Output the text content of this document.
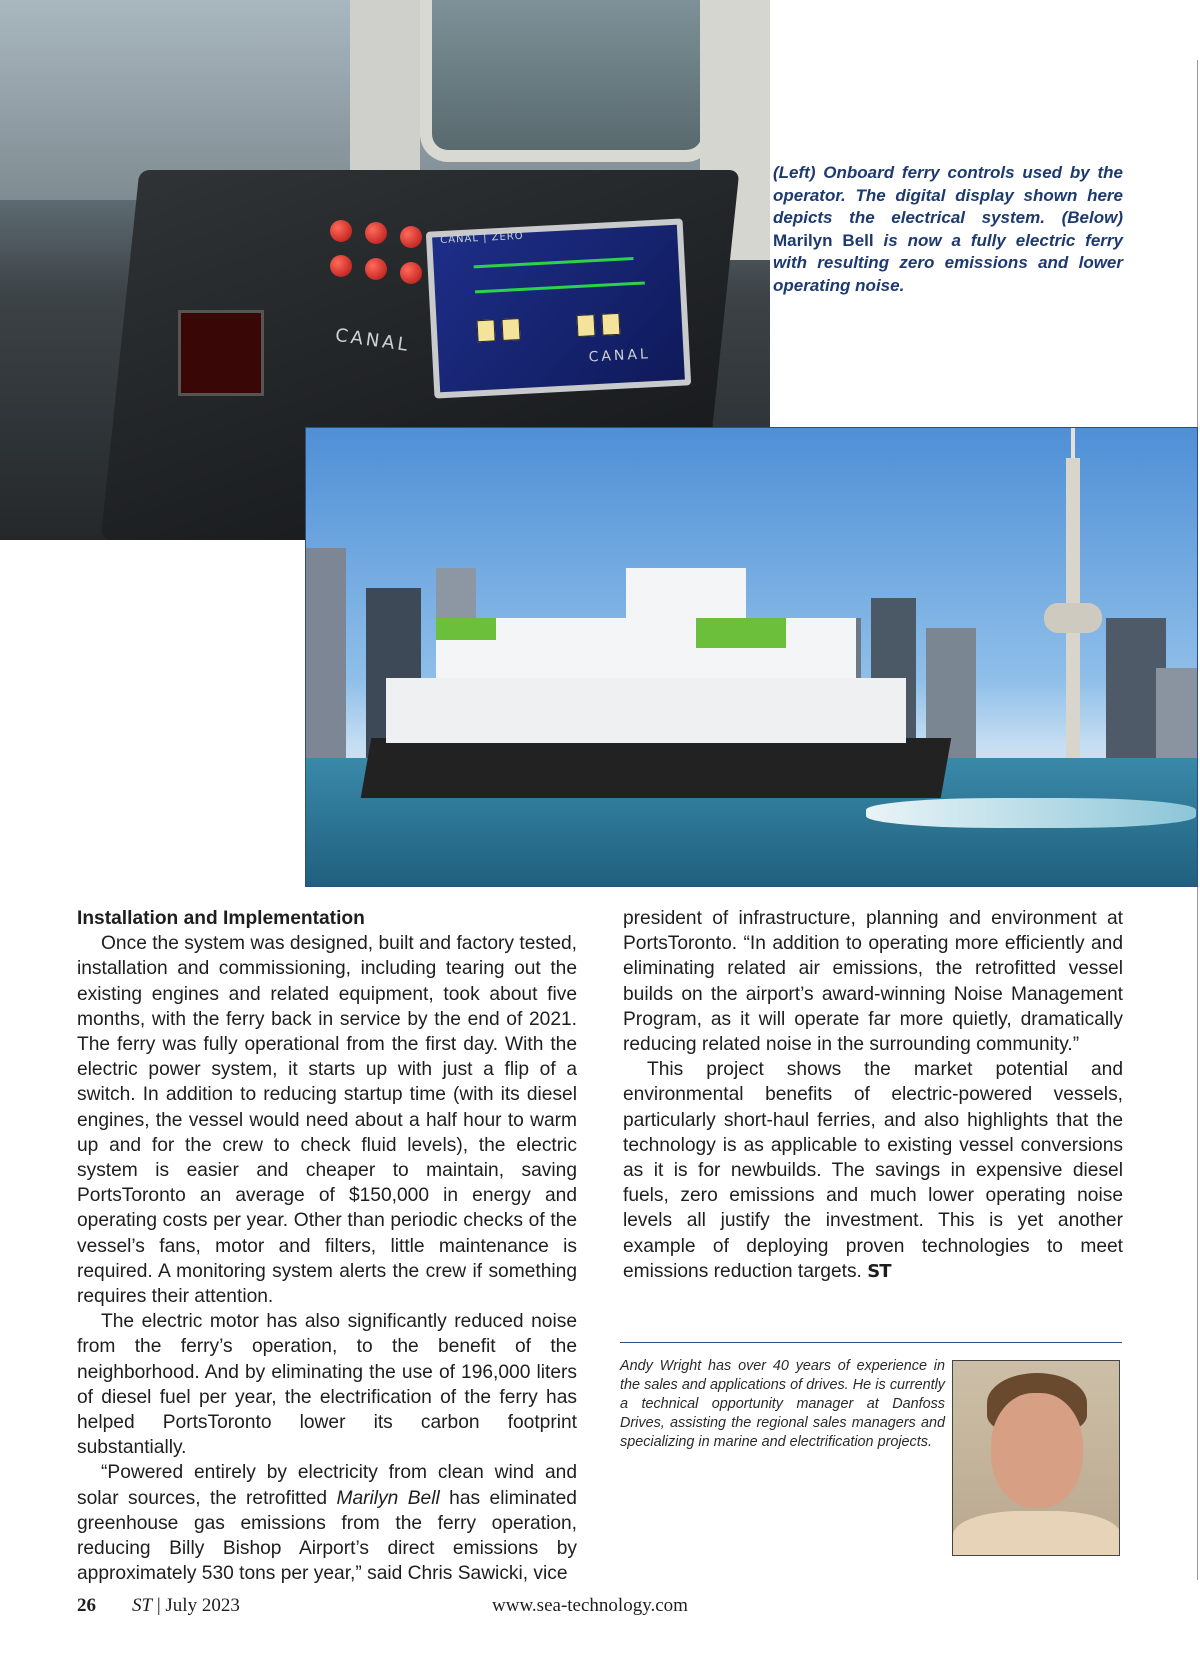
CANAL
CANAL | ZERO
CANAL
(Left) Onboard ferry controls used by the operator. The digital display shown here depicts the electrical system. (Below) Marilyn Bell is now a fully electric ferry with resulting zero emissions and lower operating noise.

Installation and Implementation

Once the system was designed, built and factory tested, installation and commissioning, including tearing out the existing engines and related equipment, took about five months, with the ferry back in service by the end of 2021. The ferry was fully operational from the first day. With the electric power system, it starts up with just a flip of a switch. In addition to reducing startup time (with its diesel engines, the vessel would need about a half hour to warm up and for the crew to check fluid levels), the electric system is easier and cheaper to maintain, saving PortsToronto an average of $150,000 in energy and operating costs per year. Other than periodic checks of the vessel’s fans, motor and filters, little maintenance is required. A monitoring system alerts the crew if something requires their attention.

The electric motor has also significantly reduced noise from the ferry’s operation, to the benefit of the neighborhood. And by eliminating the use of 196,000 liters of diesel fuel per year, the electrification of the ferry has helped PortsToronto lower its carbon footprint substantially.

“Powered entirely by electricity from clean wind and solar sources, the retrofitted Marilyn Bell has eliminated greenhouse gas emissions from the ferry operation, reducing Billy Bishop Airport’s direct emissions by approximately 530 tons per year,” said Chris Sawicki, vice

president of infrastructure, planning and environment at PortsToronto. “In addition to operating more efficiently and eliminating related air emissions, the retrofitted vessel builds on the airport’s award-winning Noise Management Program, as it will operate far more quietly, dramatically reducing related noise in the surrounding community.”

This project shows the market potential and environmental benefits of electric-powered vessels, particularly short-haul ferries, and also highlights that the technology is as applicable to existing vessel conversions as it is for newbuilds. The savings in expensive diesel fuels, zero emissions and much lower operating noise levels all justify the investment. This is yet another example of deploying proven technologies to meet emissions reduction targets. ST

Andy Wright has over 40 years of experience in the sales and applications of drives. He is currently a technical opportunity manager at Danfoss Drives, assisting the regional sales managers and specializing in marine and electrification projects.
26 ST | July 2023	www.sea-technology.com
